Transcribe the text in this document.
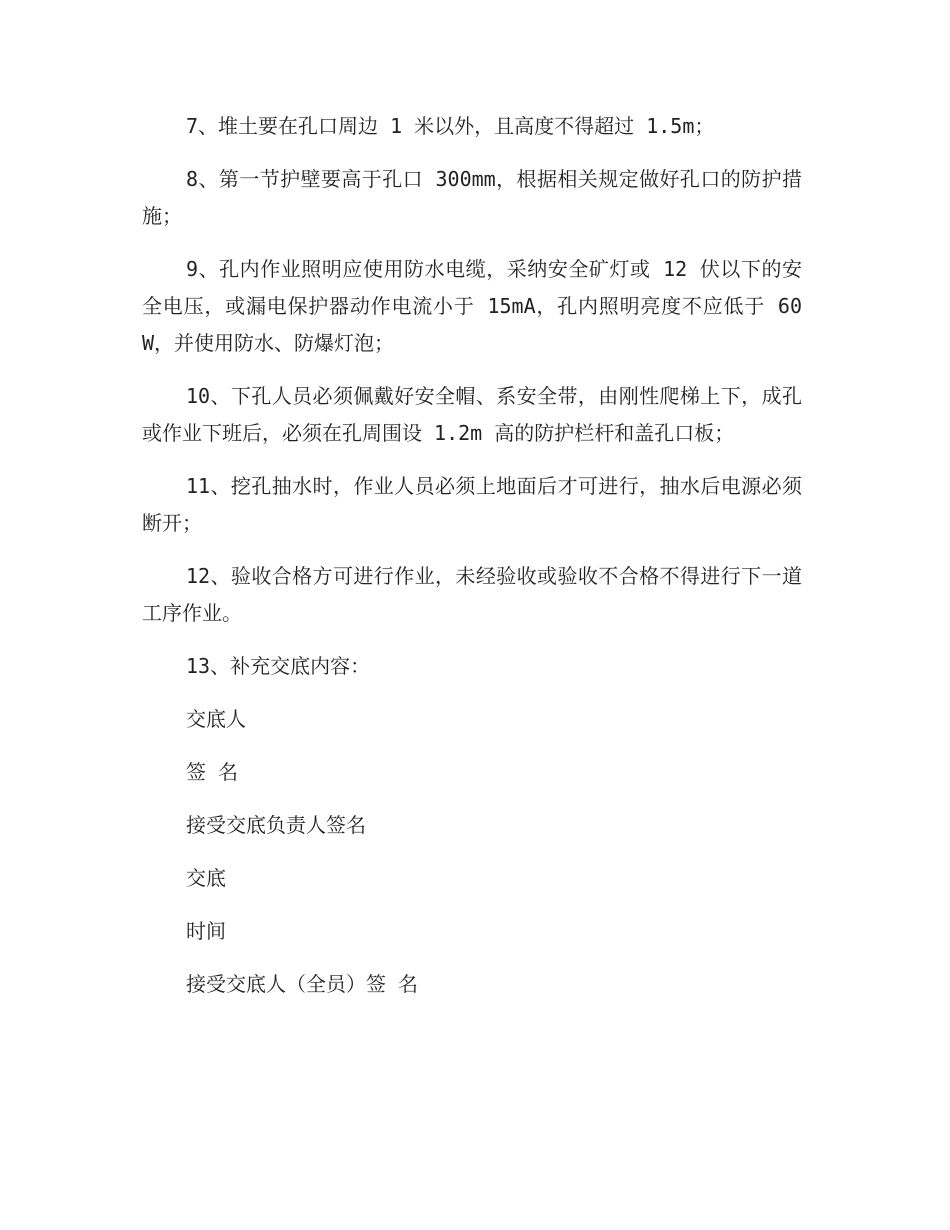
7、堆土要在孔口周边 1 米以外，且高度不得超过 1.5m；

8、第一节护壁要高于孔口 300mm，根据相关规定做好孔口的防护措施；

9、孔内作业照明应使用防水电缆，采纳安全矿灯或 12 伏以下的安全电压，或漏电保护器动作电流小于 15mA，孔内照明亮度不应低于 60W，并使用防水、防爆灯泡；

10、下孔人员必须佩戴好安全帽、系安全带，由刚性爬梯上下，成孔或作业下班后，必须在孔周围设 1.2m 高的防护栏杆和盖孔口板；

11、挖孔抽水时，作业人员必须上地面后才可进行，抽水后电源必须断开；

12、验收合格方可进行作业，未经验收或验收不合格不得进行下一道工序作业。

13、补充交底内容：

交底人

签 名

接受交底负责人签名

交底

时间

接受交底人（全员）签 名
